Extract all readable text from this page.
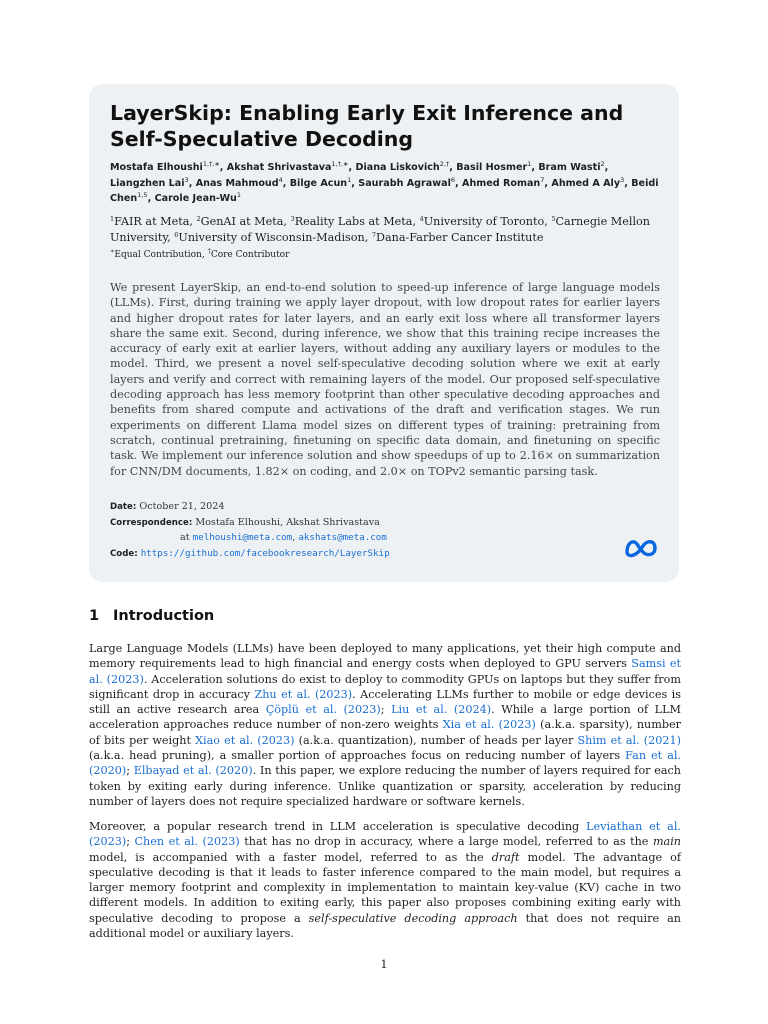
LayerSkip: Enabling Early Exit Inference and Self-Speculative Decoding
Mostafa Elhoushi$^{1,\dagger,∗}$, Akshat Shrivastava$^{1,\dagger,∗}$, Diana Liskovich$^{2,\dagger}$, Basil Hosmer$^1$, Bram Wasti$^2$, Liangzhen Lai$^3$, Anas Mahmoud$^4$, Bilge Acun$^1$, Saurabh Agrawal$^6$, Ahmed Roman$^7$, Ahmed A Aly$^3$, Beidi Chen$^{1,5}$, Carole Jean-Wu$^1$
$^1$FAIR at Meta, $^2$GenAI at Meta, $^3$Reality Labs at Meta, $^4$University of Toronto, $^5$Carnegie Mellon University, $^6$University of Wisconsin-Madison, $^7$Dana-Farber Cancer Institute
∗Equal Contribution, †Core Contributor
We present LayerSkip, an end-to-end solution to speed-up inference of large language models (LLMs). First, during training we apply layer dropout, with low dropout rates for earlier layers and higher dropout rates for later layers, and an early exit loss where all transformer layers share the same exit. Second, during inference, we show that this training recipe increases the accuracy of early exit at earlier layers, without adding any auxiliary layers or modules to the model. Third, we present a novel self-speculative decoding solution where we exit at early layers and verify and correct with remaining layers of the model. Our proposed self-speculative decoding approach has less memory footprint than other speculative decoding approaches and benefits from shared compute and activations of the draft and verification stages. We run experiments on different Llama model sizes on different types of training: pretraining from scratch, continual pretraining, finetuning on specific data domain, and finetuning on specific task. We implement our inference solution and show speedups of up to 2.16× on summarization for CNN/DM documents, 1.82× on coding, and 2.0× on TOPv2 semantic parsing task.
Date: October 21, 2024
Correspondence: Mostafa Elhoushi, Akshat Shrivastava
at melhoushi@meta.com, akshats@meta.com
Code: https://github.com/facebookresearch/LayerSkip
1 Introduction
Large Language Models (LLMs) have been deployed to many applications, yet their high compute and memory requirements lead to high financial and energy costs when deployed to GPU servers Samsi et al. (2023). Acceleration solutions do exist to deploy to commodity GPUs on laptops but they suffer from significant drop in accuracy Zhu et al. (2023). Accelerating LLMs further to mobile or edge devices is still an active research area Çöplü et al. (2023); Liu et al. (2024). While a large portion of LLM acceleration approaches reduce number of non-zero weights Xia et al. (2023) (a.k.a. sparsity), number of bits per weight Xiao et al. (2023) (a.k.a. quantization), number of heads per layer Shim et al. (2021) (a.k.a. head pruning), a smaller portion of approaches focus on reducing number of layers Fan et al. (2020); Elbayad et al. (2020). In this paper, we explore reducing the number of layers required for each token by exiting early during inference. Unlike quantization or sparsity, acceleration by reducing number of layers does not require specialized hardware or software kernels.
Moreover, a popular research trend in LLM acceleration is speculative decoding Leviathan et al. (2023); Chen et al. (2023) that has no drop in accuracy, where a large model, referred to as the main model, is accompanied with a faster model, referred to as the draft model. The advantage of speculative decoding is that it leads to faster inference compared to the main model, but requires a larger memory footprint and complexity in implementation to maintain key-value (KV) cache in two different models. In addition to exiting early, this paper also proposes combining exiting early with speculative decoding to propose a self-speculative decoding approach that does not require an additional model or auxiliary layers.
1
